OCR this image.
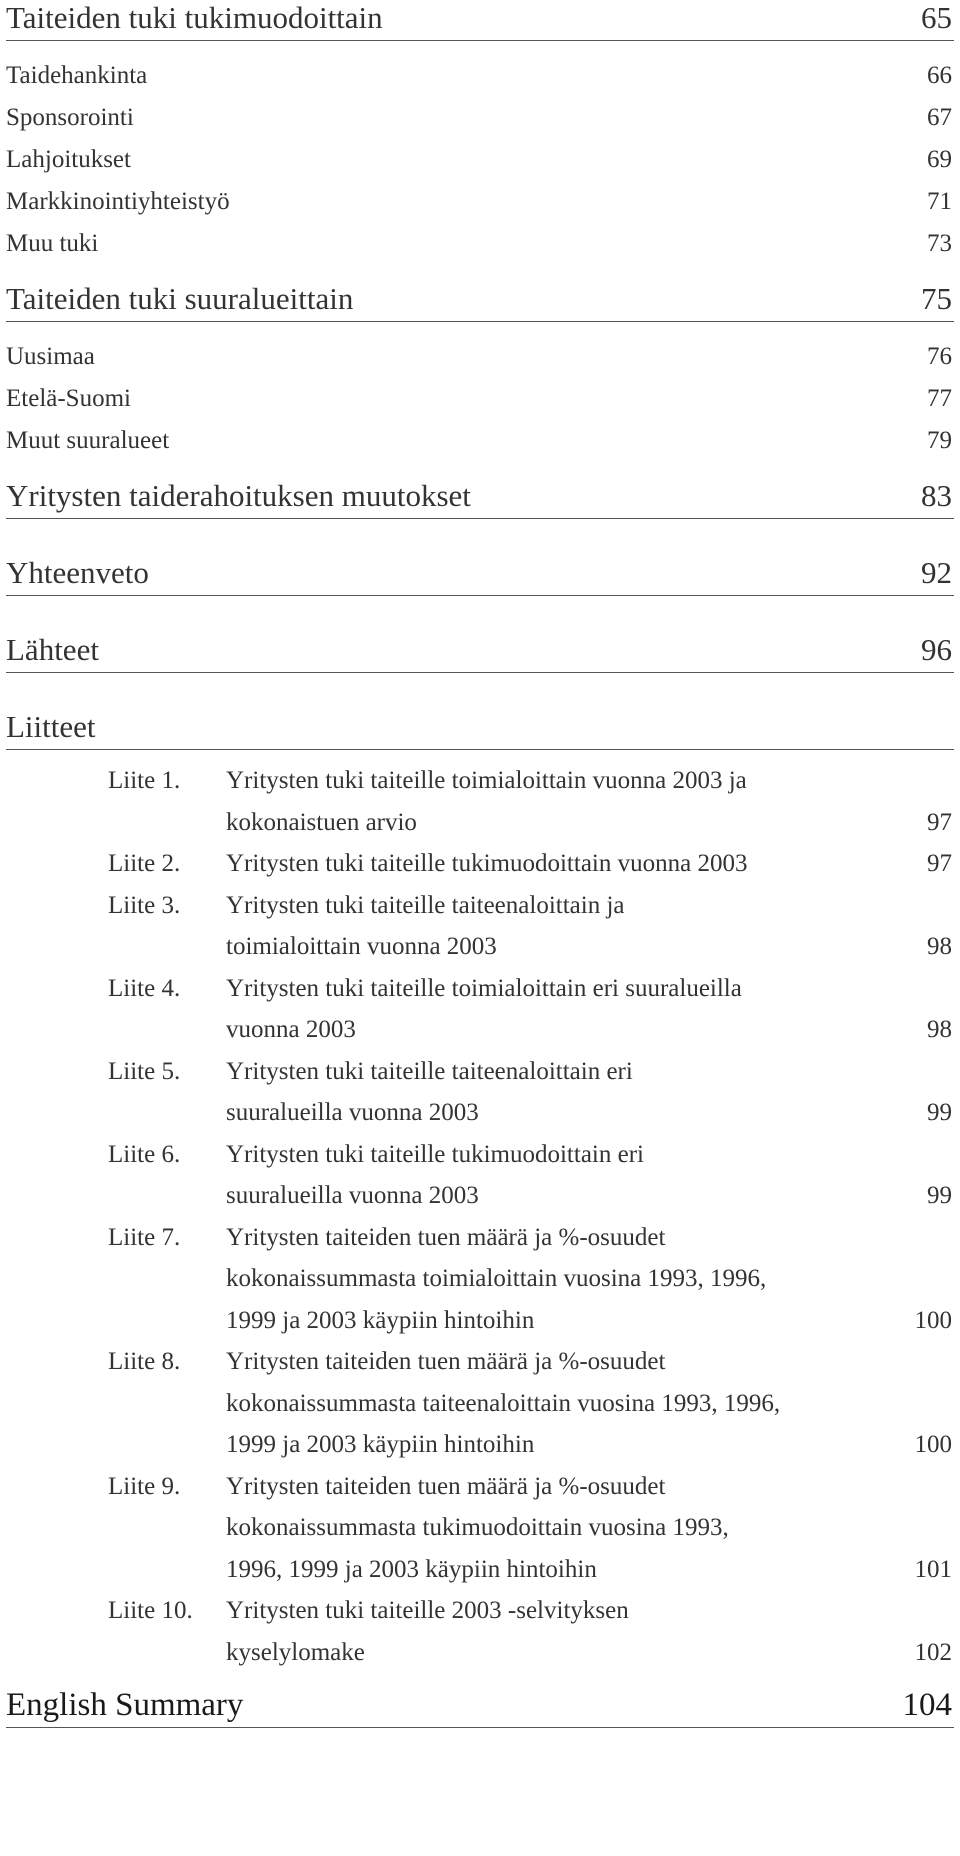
Taiteiden tuki tukimuodoittain	65
Taidehankinta	66
Sponsorointi	67
Lahjoitukset	69
Markkinointiyhteistyö	71
Muu tuki	73
Taiteiden tuki suuralueittain	75
Uusimaa	76
Etelä-Suomi	77
Muut suuralueet	79
Yritysten taiderahoituksen muutokset	83
Yhteenveto	92
Lähteet	96
Liitteet
Liite 1.	Yritysten tuki taiteille toimialoittain vuonna 2003 ja
kokonaistuen arvio	97
Liite 2.	Yritysten tuki taiteille tukimuodoittain vuonna 2003	97
Liite 3.	Yritysten tuki taiteille taiteenaloittain ja
toimialoittain vuonna 2003	98
Liite 4.	Yritysten tuki taiteille toimialoittain eri suuralueilla
vuonna 2003	98
Liite 5.	Yritysten tuki taiteille taiteenaloittain eri
suuralueilla vuonna 2003	99
Liite 6.	Yritysten tuki taiteille tukimuodoittain eri
suuralueilla vuonna 2003	99
Liite 7.	Yritysten taiteiden tuen määrä ja %-osuudet
kokonaissummasta toimialoittain vuosina 1993, 1996,
1999 ja 2003 käypiin hintoihin	100
Liite 8.	Yritysten taiteiden tuen määrä ja %-osuudet
kokonaissummasta taiteenaloittain vuosina 1993, 1996,
1999 ja 2003 käypiin hintoihin	100
Liite 9.	Yritysten taiteiden tuen määrä ja %-osuudet
kokonaissummasta tukimuodoittain vuosina 1993,
1996, 1999 ja 2003 käypiin hintoihin	101
Liite 10.	Yritysten tuki taiteille 2003 -selvityksen
kyselylomake	102
English Summary	104
